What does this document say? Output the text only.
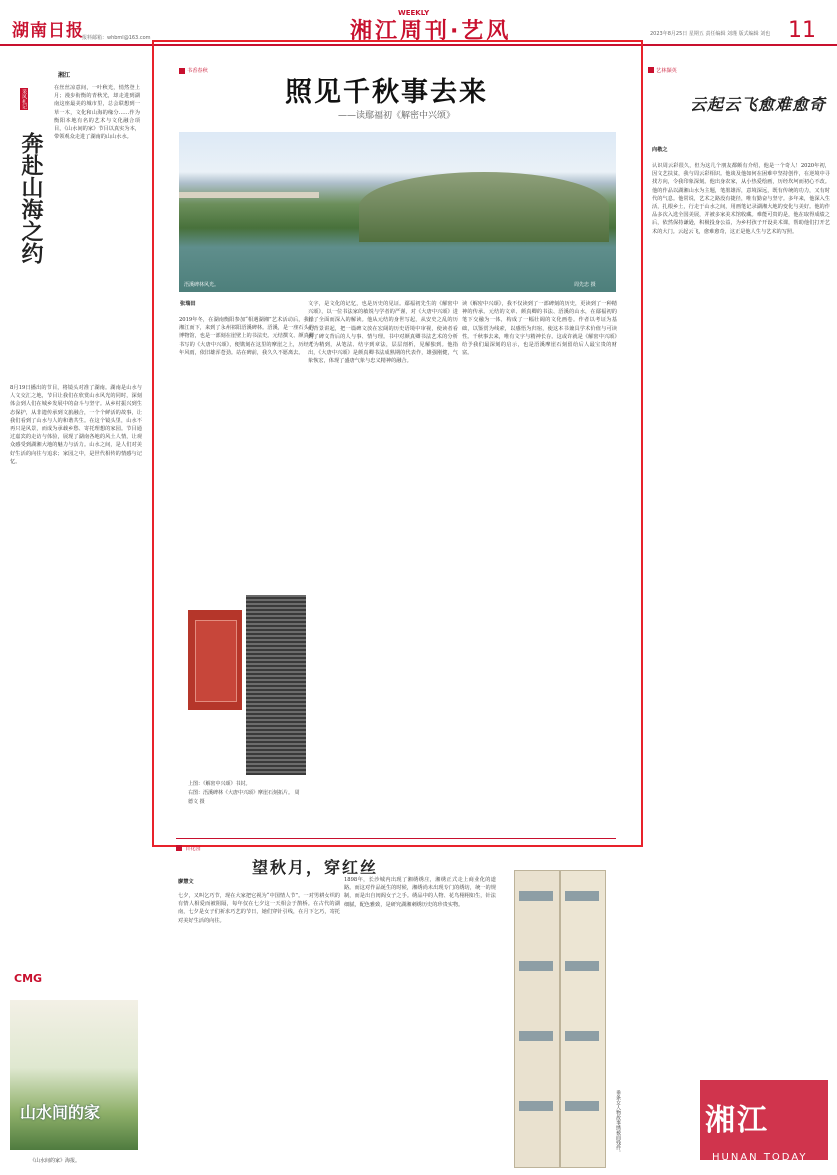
湖南日报
报料邮箱：whbml@163.com
WEEKLY
湘江周刊·艺风	2023年8月25日 星期五 责任编辑 刘瑾 版式编辑 刘也 11
湘江
采风札记
奔赴山海之约
在丝丝凉意间，一叶秋光，悄然登上月；漫步衔衡的青秋光，却走进到湖南这座最美的城市里，总会联想到一草一木，文化和山海的缘分……作为衡阳本地有名的艺术与文化融合项目，《山水间的家》节目以真实为本，带领观众走进了湖南的山山水水。
8月19日播出的节目，将镜头对准了湖南。湖南是山水与人文交汇之地，节目让我们在欣赏山水风光的同时，深刻体会到人们在城乡发展中的奋斗与坚守。从乡村振兴到生态保护，从非遗传承到文旅融合，一个个鲜活的故事，让我们看到了山水与人的和谐共生。在这个镜头里，山水不再只是风景，而成为承载乡愁、寄托理想的家园。节目通过嘉宾的走访与体验，展现了湖南各地的风土人情，让观众感受到湖湘大地的魅力与活力。山水之间，是人们对美好生活的向往与追求；家园之中，是世代相传的情感与记忆。
CMG
山水间的家
《山水间的家》海报。
书香春秋
照见千秋事去来
——读鄢福初《解密中兴颂》
浯溪碑林风光。	周先忠 摄
张瑞田
2019年冬，在湖南衡阳参加“相遇湖湘”艺术活动后，我沿湘江而下，来到了永州祁阳浯溪碑林。浯溪，是一座石头的博物馆，也是一部刻在崖壁上的书法史。元结撰文、颜真卿书写的《大唐中兴颂》，便镌刻在这里的摩崖之上，历经千年风雨，依旧雄浑苍劲。站在碑前，我久久不愿离去。
文字，是文化的记忆，也是历史的见证。鄢福初先生的《解密中兴颂》，以一位书法家的敏锐与学者的严谨，对《大唐中兴颂》进行了全面而深入的解读。他从元结的身世写起，从安史之乱的历史背景讲起，把一篇碑文放在宏阔的历史语境中审视，使读者看到了碑文背后的人与事、情与理。书中对颜真卿书法艺术的分析尤为精到，从笔法、结字到章法，层层剖析，见解独到。他指出，《大唐中兴颂》是颜真卿书法成熟期的代表作，雄强刚健，气象恢宏，体现了盛唐气象与忠义精神的融合。
读《解密中兴颂》，我不仅读到了一部碑刻的历史，更读到了一种精神的传承。元结的文章、颜真卿的书法、浯溪的山水，在鄢福初的笔下交融为一体，构成了一幅壮阔的文化画卷。作者以考证为基础，以鉴赏为线索，以感悟为归宿，使这本书兼具学术价值与可读性。千秋事去来，唯有文字与精神长存。这或许就是《解密中兴颂》给予我们最深刻的启示，也是浯溪摩崖石刻留给后人最宝贵的财富。
上图：《解密中兴颂》书封。
右图：浯溪碑林《大唐中兴颂》摩崖石刻拓片。 周德文 摄
百花园
望秋月，穿红丝
廖慧文
七夕，又叫乞巧节，现在大家把它视为“中国情人节”。一对男耕女织的有情人相爱而被阻隔，每年仅在七夕这一天相会于鹊桥。在古代的湖南，七夕是女子们祈求巧艺的节日，她们穿针引线，在月下乞巧，寄托对美好生活的向往。
1898年，长沙城内出现了湘绣绣庄，湘绣正式走上商业化的道路。而这对作品诞生的时候，湘绣尚未出现专门的绣坊，统一的规制，而是出自闺阁女子之手。绣品中的人物、花鸟栩栩如生，针法细腻，配色雅致，是研究湖湘刺绣历史的珍贵实物。
垂条女人物故事绣被面残件。
艺林撷英
云起云飞愈难愈奇
向敬之
认识周云彩很久，但为这几个朋友都颇有介绍，他是一个奇人！2020年初，因文艺扶贫，我与周云彩相识。他谈及他如何在困难中坚持创作，在逆境中寻找方向，令我印象深刻。他出身农家，从小热爱绘画，历经坎坷而初心不改。他的作品以湖湘山水为主题，笔墨雄浑，意境深远，既有传统的功力，又有时代的气息。他常说，艺术之路没有捷径，唯有勤奋与坚守。多年来，他深入生活，扎根乡土，行走于山水之间，用画笔记录湖湘大地的变化与美好。他的作品多次入选全国美展，并被多家美术馆收藏。难能可贵的是，他在取得成绩之后，依然保持谦逊，积极投身公益，为乡村孩子开设美术课，帮助他们打开艺术的大门。云起云飞，愈难愈奇，这正是他人生与艺术的写照。
湘江
HUNAN TODAY
